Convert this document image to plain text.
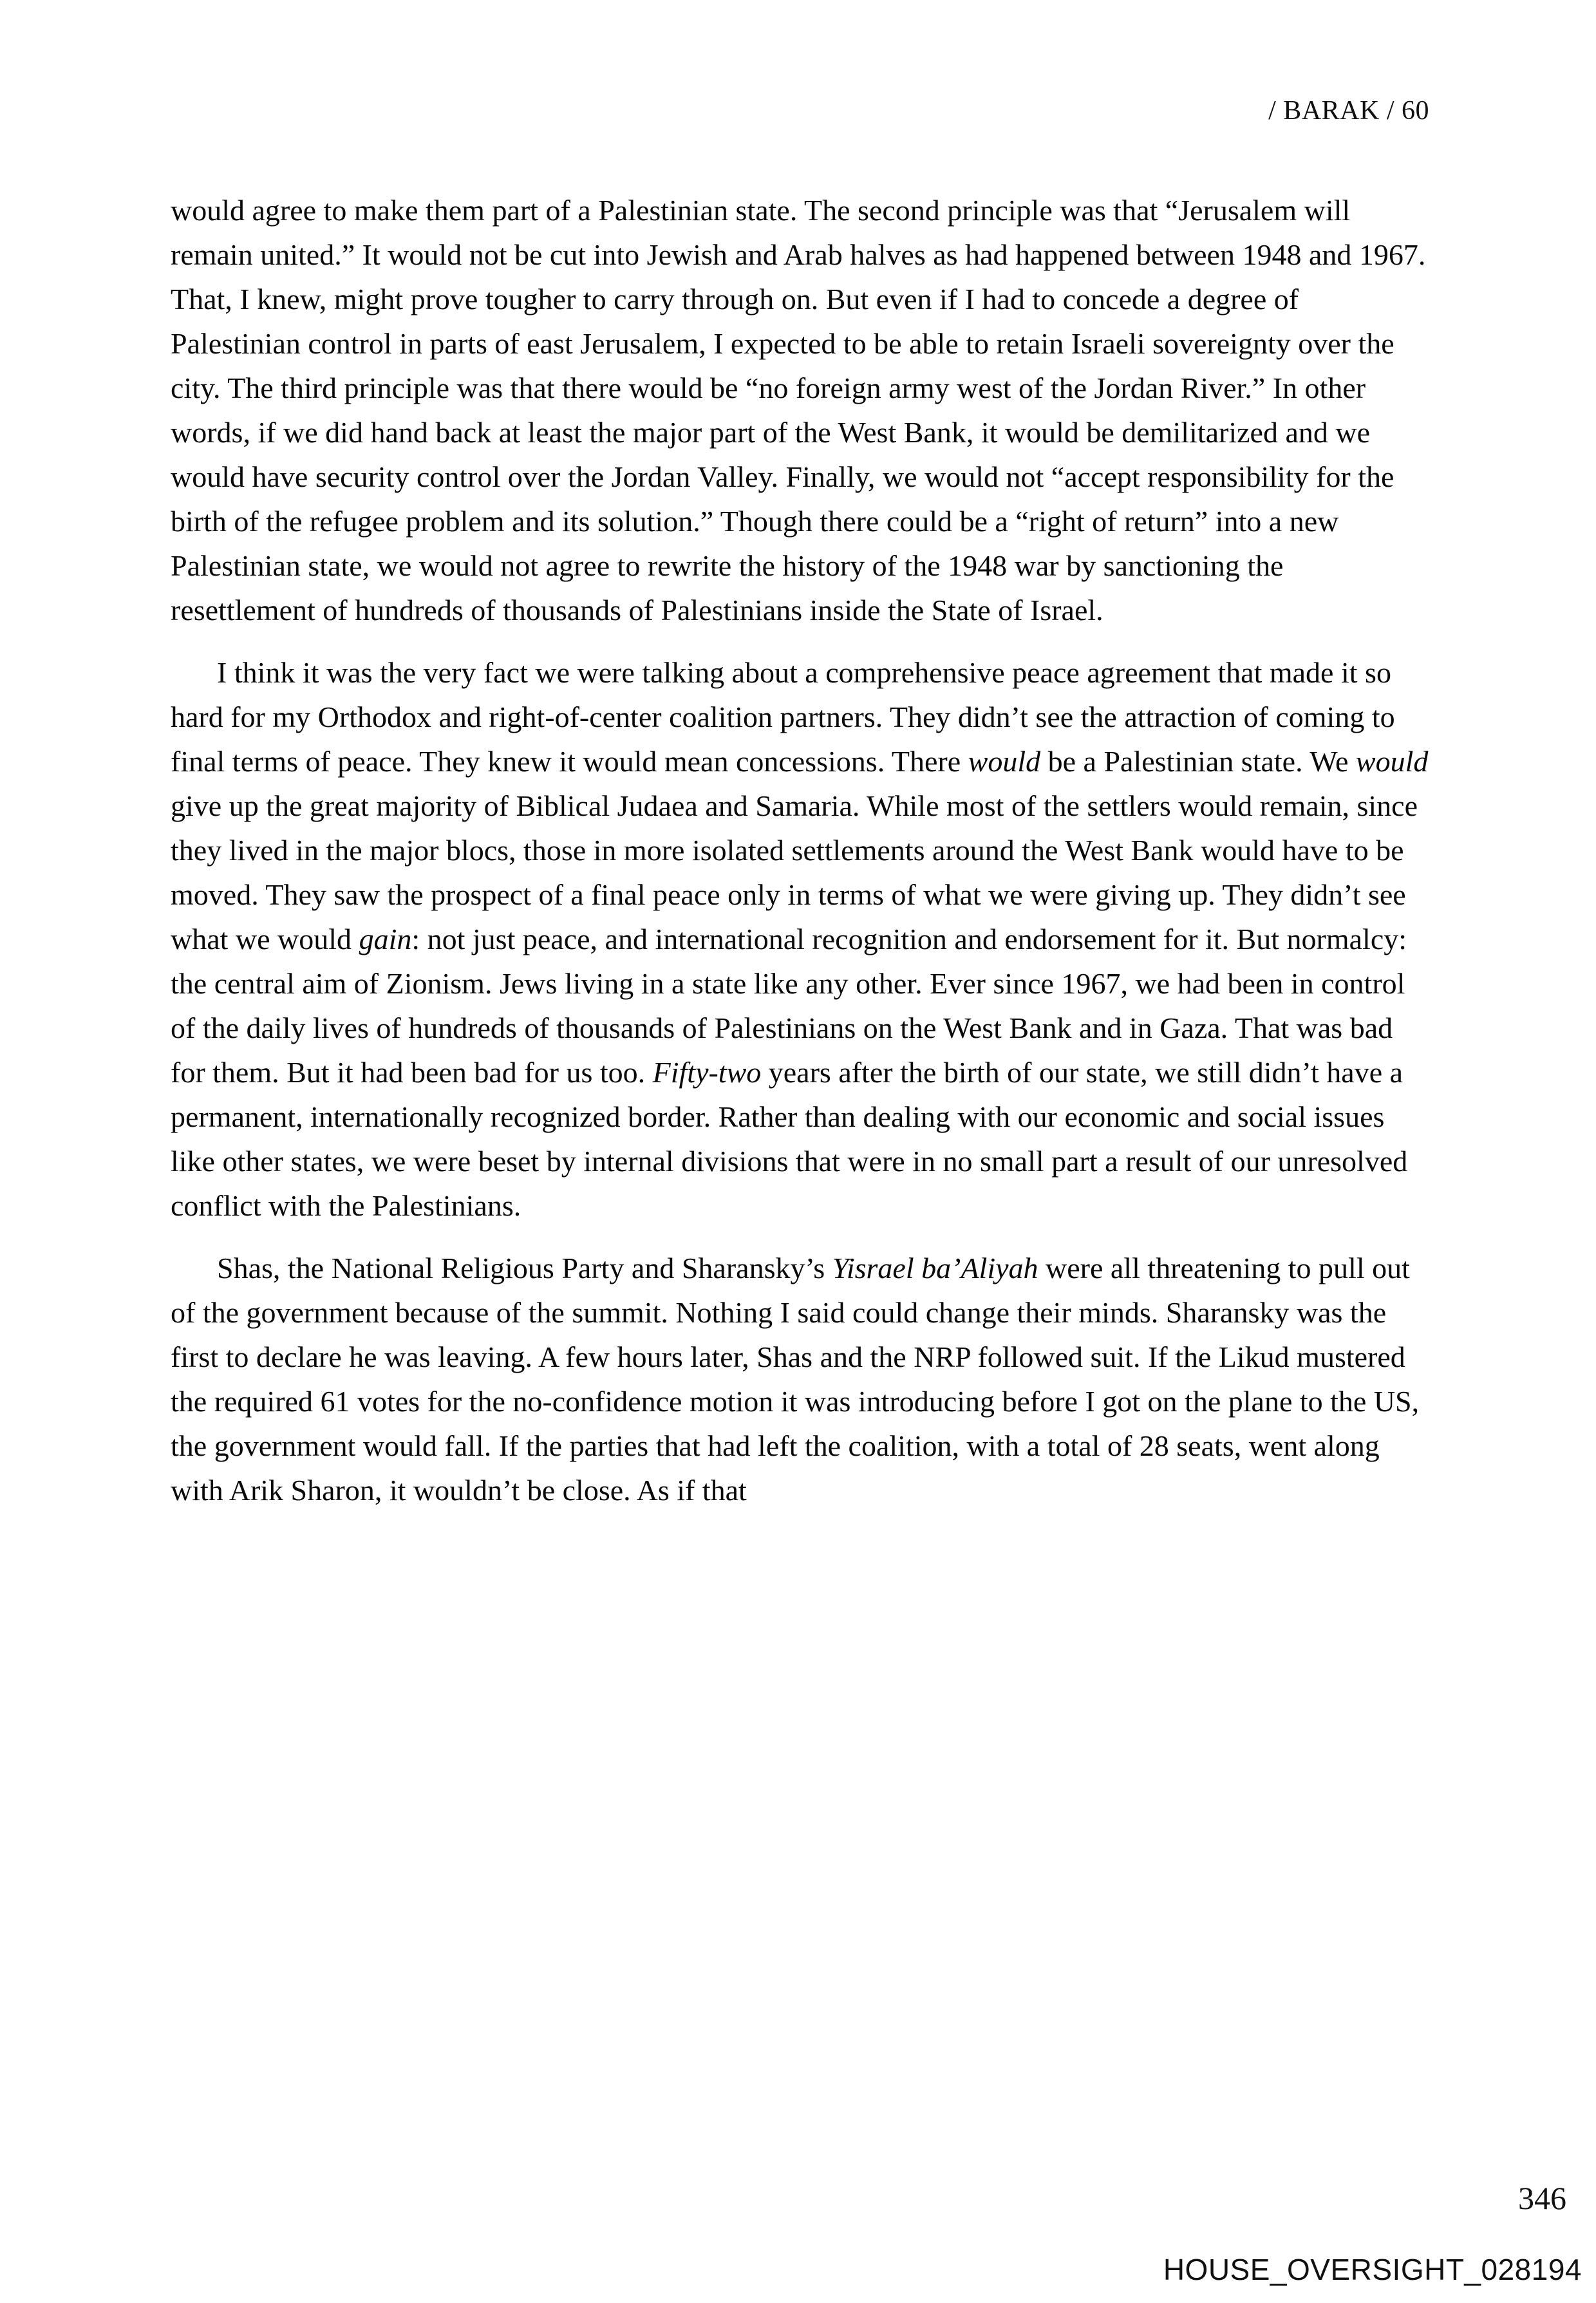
/ BARAK / 60

would agree to make them part of a Palestinian state. The second principle was that “Jerusalem will remain united.” It would not be cut into Jewish and Arab halves as had happened between 1948 and 1967. That, I knew, might prove tougher to carry through on. But even if I had to concede a degree of Palestinian control in parts of east Jerusalem, I expected to be able to retain Israeli sovereignty over the city. The third principle was that there would be “no foreign army west of the Jordan River.” In other words, if we did hand back at least the major part of the West Bank, it would be demilitarized and we would have security control over the Jordan Valley. Finally, we would not “accept responsibility for the birth of the refugee problem and its solution.” Though there could be a “right of return” into a new Palestinian state, we would not agree to rewrite the history of the 1948 war by sanctioning the resettlement of hundreds of thousands of Palestinians inside the State of Israel.

I think it was the very fact we were talking about a comprehensive peace agreement that made it so hard for my Orthodox and right-of-center coalition partners. They didn’t see the attraction of coming to final terms of peace. They knew it would mean concessions. There would be a Palestinian state. We would give up the great majority of Biblical Judaea and Samaria. While most of the settlers would remain, since they lived in the major blocs, those in more isolated settlements around the West Bank would have to be moved. They saw the prospect of a final peace only in terms of what we were giving up. They didn’t see what we would gain: not just peace, and international recognition and endorsement for it. But normalcy: the central aim of Zionism. Jews living in a state like any other. Ever since 1967, we had been in control of the daily lives of hundreds of thousands of Palestinians on the West Bank and in Gaza. That was bad for them. But it had been bad for us too. Fifty-two years after the birth of our state, we still didn’t have a permanent, internationally recognized border. Rather than dealing with our economic and social issues like other states, we were beset by internal divisions that were in no small part a result of our unresolved conflict with the Palestinians.

Shas, the National Religious Party and Sharansky’s Yisrael ba’Aliyah were all threatening to pull out of the government because of the summit. Nothing I said could change their minds. Sharansky was the first to declare he was leaving. A few hours later, Shas and the NRP followed suit. If the Likud mustered the required 61 votes for the no-confidence motion it was introducing before I got on the plane to the US, the government would fall. If the parties that had left the coalition, with a total of 28 seats, went along with Arik Sharon, it wouldn’t be close. As if that

346
HOUSE_OVERSIGHT_028194
